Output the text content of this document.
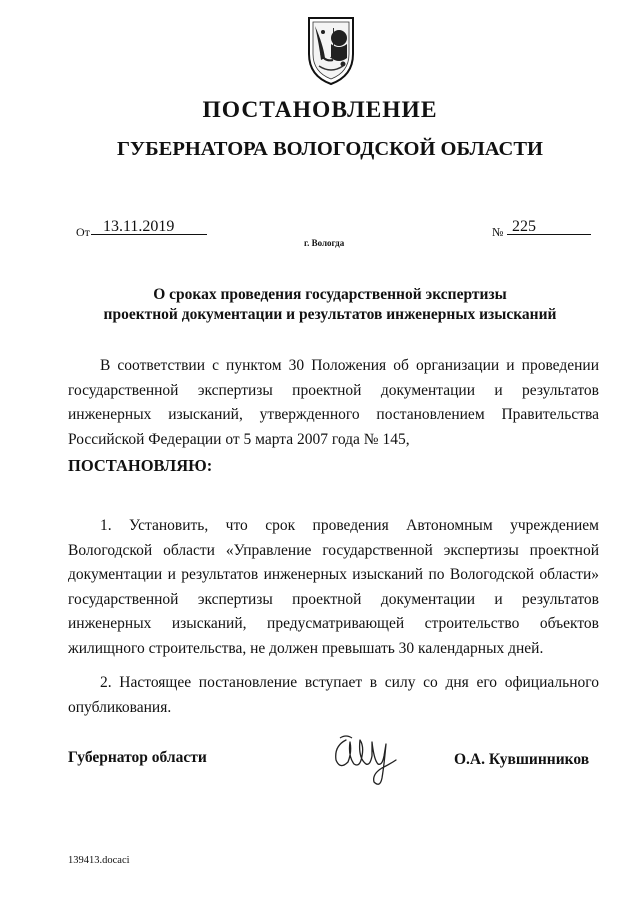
ПОСТАНОВЛЕНИЕ
ГУБЕРНАТОРА ВОЛОГОДСКОЙ ОБЛАСТИ
От 13.11.2019	№ 225
г. Вологда
О сроках проведения государственной экспертизы
проектной документации и результатов инженерных изысканий
В соответствии с пунктом 30 Положения об организации и проведении государственной экспертизы проектной документации и результатов инженерных изысканий, утвержденного постановлением Правительства Российской Федерации от 5 марта 2007 года № 145,
ПОСТАНОВЛЯЮ:
1. Установить, что срок проведения Автономным учреждением Вологодской области «Управление государственной экспертизы проектной документации и результатов инженерных изысканий по Вологодской области» государственной экспертизы проектной документации и результатов инженерных изысканий, предусматривающей строительство объектов жилищного строительства, не должен превышать 30 календарных дней.
2. Настоящее постановление вступает в силу со дня его официального опубликования.
Губернатор области	О.А. Кувшинников
139413.docaci
